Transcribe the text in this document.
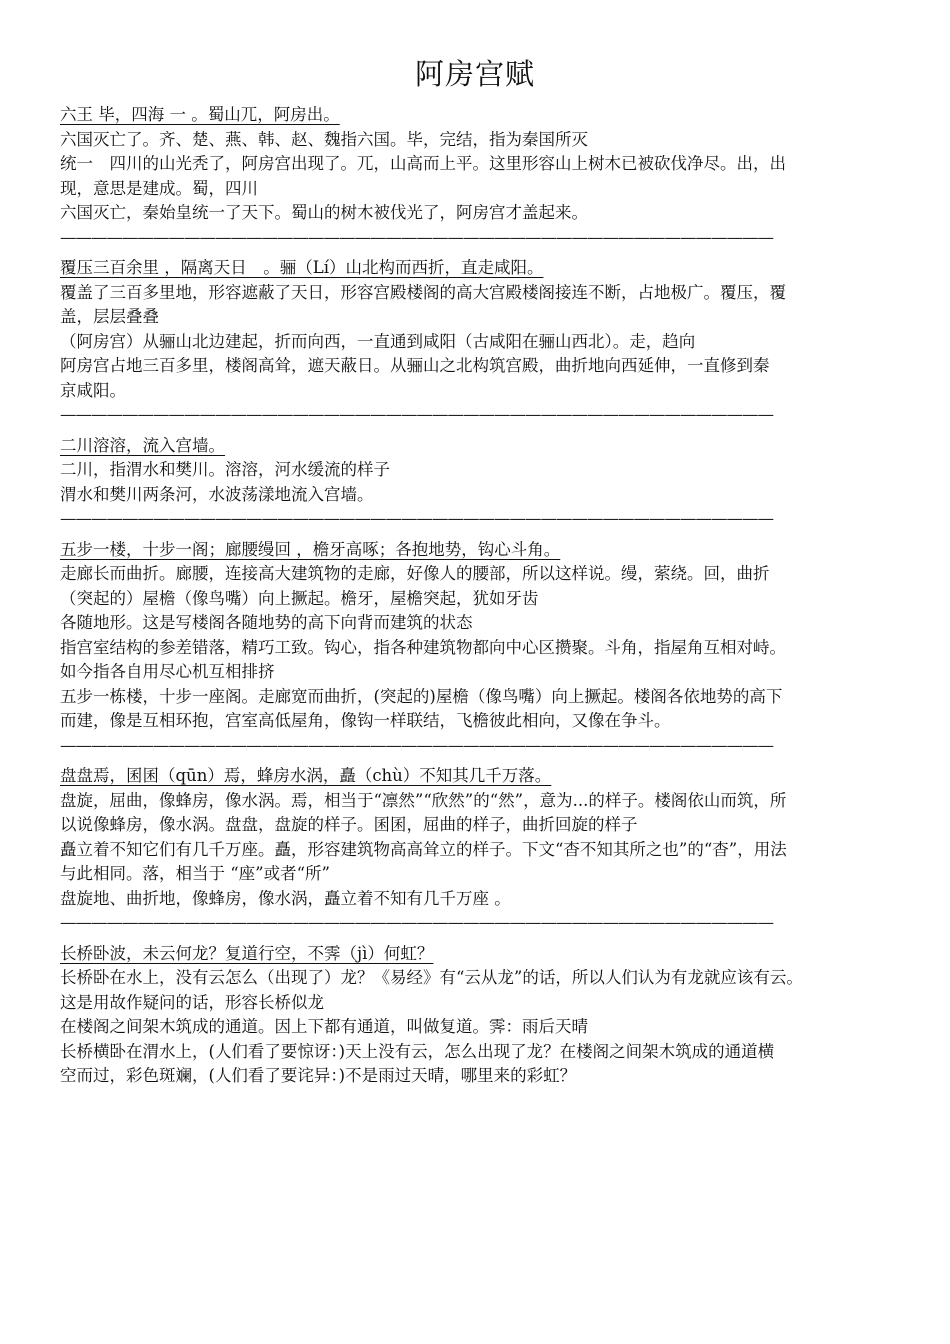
阿房宫赋
六王 毕，四海 一 。蜀山兀，阿房出。
六国灭亡了。齐、楚、燕、韩、赵、魏指六国。毕，完结，指为秦国所灭
统一　四川的山光秃了，阿房宫出现了。兀，山高而上平。这里形容山上树木已被砍伐净尽。出，出
现，意思是建成。蜀，四川
六国灭亡，秦始皇统一了天下。蜀山的树木被伐光了，阿房宫才盖起来。
——————————————————————————————————————————————
覆压三百余里 ，隔离天日　。骊（Lí）山北构而西折，直走咸阳。
覆盖了三百多里地，形容遮蔽了天日，形容宫殿楼阁的高大宫殿楼阁接连不断，占地极广。覆压，覆
盖，层层叠叠
（阿房宫）从骊山北边建起，折而向西，一直通到咸阳（古咸阳在骊山西北）。走，趋向
阿房宫占地三百多里，楼阁高耸，遮天蔽日。从骊山之北构筑宫殿，曲折地向西延伸，一直修到秦
京咸阳。
——————————————————————————————————————————————
二川溶溶，流入宫墙。
二川，指渭水和樊川。溶溶，河水缓流的样子
渭水和樊川两条河，水波荡漾地流入宫墙。
——————————————————————————————————————————————
五步一楼，十步一阁；廊腰缦回 ，檐牙高啄；各抱地势，钩心斗角。
走廊长而曲折。廊腰，连接高大建筑物的走廊，好像人的腰部，所以这样说。缦，萦绕。回，曲折
（突起的）屋檐（像鸟嘴）向上撅起。檐牙，屋檐突起，犹如牙齿
各随地形。这是写楼阁各随地势的高下向背而建筑的状态
指宫室结构的参差错落，精巧工致。钩心，指各种建筑物都向中心区攒聚。斗角，指屋角互相对峙。
如今指各自用尽心机互相排挤
五步一栋楼，十步一座阁。走廊宽而曲折，(突起的)屋檐（像鸟嘴）向上撅起。楼阁各依地势的高下
而建，像是互相环抱，宫室高低屋角，像钩一样联结，飞檐彼此相向，又像在争斗。
——————————————————————————————————————————————
盘盘焉，囷囷（qūn）焉，蜂房水涡，矗（chù）不知其几千万落。
盘旋，屈曲，像蜂房，像水涡。焉，相当于“凛然”“欣然”的“然”，意为...的样子。楼阁依山而筑，所
以说像蜂房，像水涡。盘盘，盘旋的样子。囷囷，屈曲的样子，曲折回旋的样子
矗立着不知它们有几千万座。矗，形容建筑物高高耸立的样子。下文“杳不知其所之也”的“杳”，用法
与此相同。落，相当于 “座”或者“所”
盘旋地、曲折地，像蜂房，像水涡，矗立着不知有几千万座 。
——————————————————————————————————————————————
长桥卧波，未云何龙？复道行空，不霁（jì）何虹？
长桥卧在水上，没有云怎么（出现了）龙？《易经》有“云从龙”的话，所以人们认为有龙就应该有云。
这是用故作疑问的话，形容长桥似龙
在楼阁之间架木筑成的通道。因上下都有通道，叫做复道。霁：雨后天晴
长桥横卧在渭水上，(人们看了要惊讶：)天上没有云，怎么出现了龙？在楼阁之间架木筑成的通道横
空而过，彩色斑斓，(人们看了要诧异：)不是雨过天晴，哪里来的彩虹？
